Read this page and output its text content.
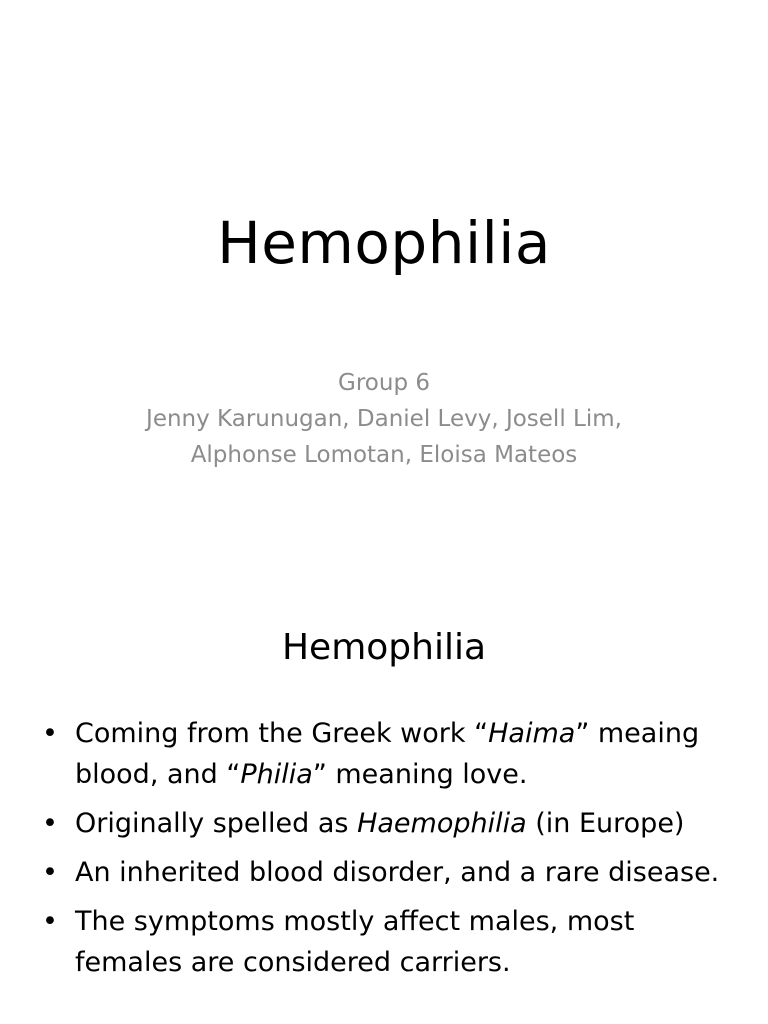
Hemophilia
Group 6
Jenny Karunugan, Daniel Levy, Josell Lim,
Alphonse Lomotan, Eloisa Mateos
Hemophilia
• Coming from the Greek work “Haima” meaing blood, and “Philia” meaning love.
• Originally spelled as Haemophilia (in Europe)
• An inherited blood disorder, and a rare disease.
• The symptoms mostly affect males, most females are considered carriers.
